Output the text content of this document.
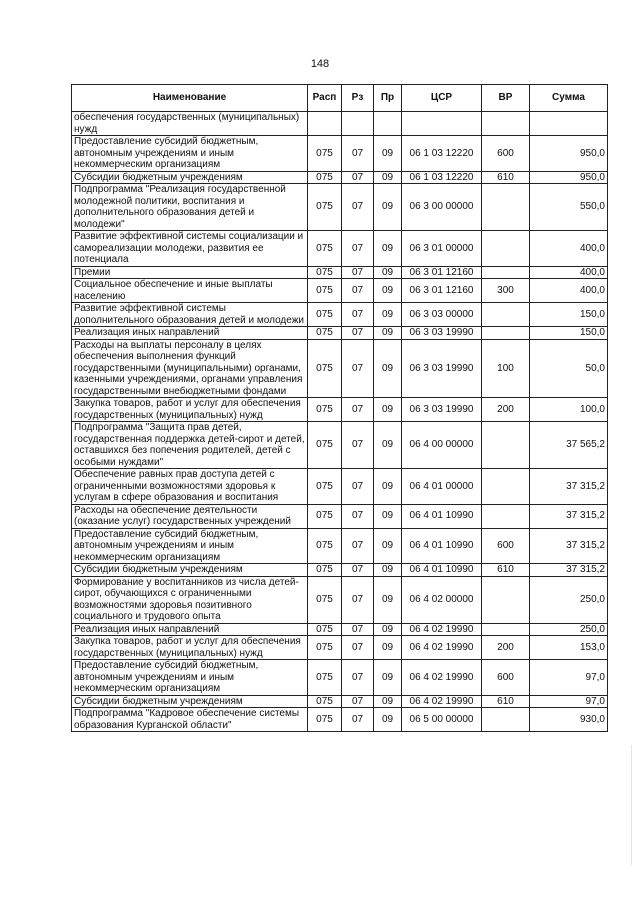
148
Наименование	Расп	Рз	Пр	ЦСР	ВР	Сумма
обеспечения государственных (муниципальных) нужд						
Предоставление субсидий бюджетным, автономным учреждениям и иным некоммерческим организациям	075	07	09	06 1 03 12220	600	950,0
Субсидии бюджетным учреждениям	075	07	09	06 1 03 12220	610	950,0
Подпрограмма "Реализация государственной молодежной политики, воспитания и дополнительного образования детей и молодежи"	075	07	09	06 3 00 00000		550,0
Развитие эффективной системы социализации и самореализации молодежи, развития ее потенциала	075	07	09	06 3 01 00000		400,0
Премии	075	07	09	06 3 01 12160		400,0
Социальное обеспечение и иные выплаты населению	075	07	09	06 3 01 12160	300	400,0
Развитие эффективной системы дополнительного образования детей и молодежи	075	07	09	06 3 03 00000		150,0
Реализация иных направлений	075	07	09	06 3 03 19990		150,0
Расходы на выплаты персоналу в целях обеспечения выполнения функций государственными (муниципальными) органами, казенными учреждениями, органами управления государственными внебюджетными фондами	075	07	09	06 3 03 19990	100	50,0
Закупка товаров, работ и услуг для обеспечения государственных (муниципальных) нужд	075	07	09	06 3 03 19990	200	100,0
Подпрограмма "Защита прав детей, государственная поддержка детей-сирот и детей, оставшихся без попечения родителей, детей с особыми нуждами"	075	07	09	06 4 00 00000		37 565,2
Обеспечение равных прав доступа детей с ограниченными возможностями здоровья к услугам в сфере образования и воспитания	075	07	09	06 4 01 00000		37 315,2
Расходы на обеспечение деятельности (оказание услуг) государственных учреждений	075	07	09	06 4 01 10990		37 315,2
Предоставление субсидий бюджетным, автономным учреждениям и иным некоммерческим организациям	075	07	09	06 4 01 10990	600	37 315,2
Субсидии бюджетным учреждениям	075	07	09	06 4 01 10990	610	37 315,2
Формирование у воспитанников из числа детей-сирот, обучающихся с ограниченными возможностями здоровья позитивного социального и трудового опыта	075	07	09	06 4 02 00000		250,0
Реализация иных направлений	075	07	09	06 4 02 19990		250,0
Закупка товаров, работ и услуг для обеспечения государственных (муниципальных) нужд	075	07	09	06 4 02 19990	200	153,0
Предоставление субсидий бюджетным, автономным учреждениям и иным некоммерческим организациям	075	07	09	06 4 02 19990	600	97,0
Субсидии бюджетным учреждениям	075	07	09	06 4 02 19990	610	97,0
Подпрограмма "Кадровое обеспечение системы образования Курганской области"	075	07	09	06 5 00 00000		930,0
